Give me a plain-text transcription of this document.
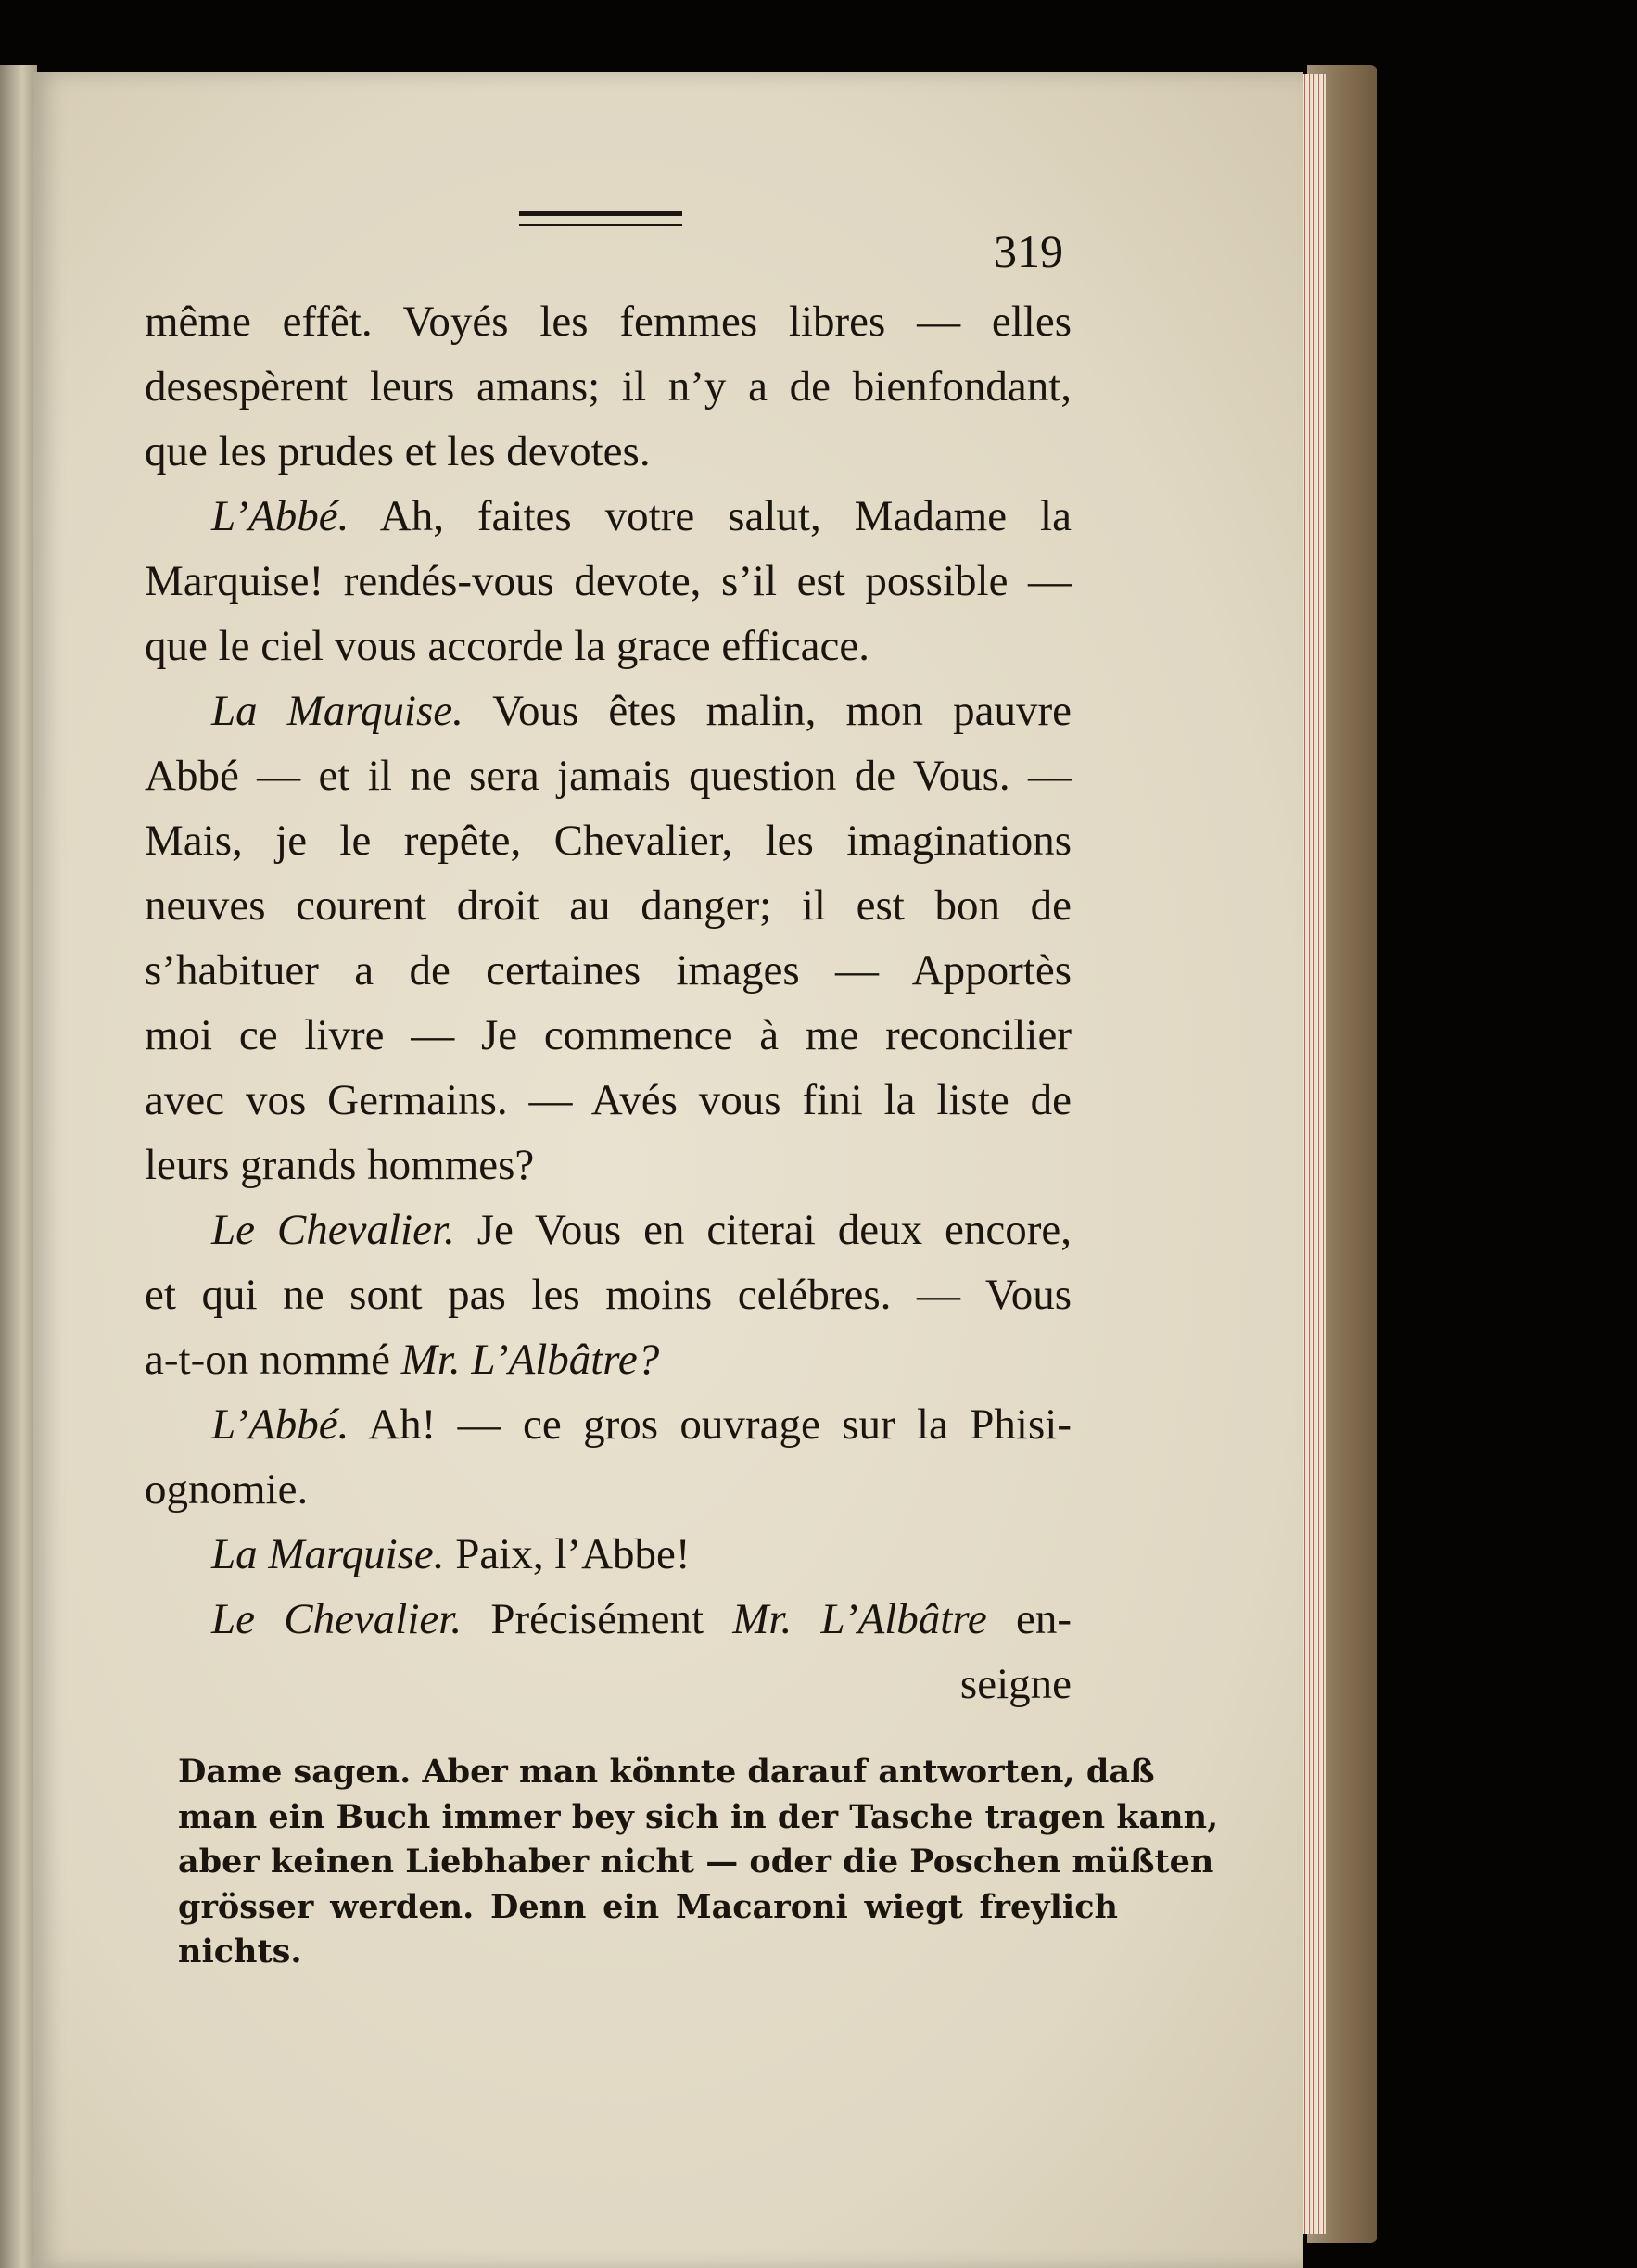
319
même effêt. Voyés les femmes libres — elles
desespèrent leurs amans; il n’y a de bienfondant,
que les prudes et les devotes.
L’Abbé. Ah, faites votre salut, Madame la
Marquise! rendés-vous devote, s’il est possible —
que le ciel vous accorde la grace efficace.
La Marquise. Vous êtes malin, mon pauvre
Abbé — et il ne sera jamais question de Vous. —
Mais, je le repête, Chevalier, les imaginations
neuves courent droit au danger; il est bon de
s’habituer a de certaines images — Apportès
moi ce livre — Je commence à me reconcilier
avec vos Germains. — Avés vous fini la liste de
leurs grands hommes?
Le Chevalier. Je Vous en citerai deux encore,
et qui ne sont pas les moins celébres. — Vous
a-t-on nommé Mr. L’Albâtre?
L’Abbé. Ah! — ce gros ouvrage sur la Phisi-
ognomie.
La Marquise. Paix, l’Abbe!
Le Chevalier. Précisément Mr. L’Albâtre en-
seigne
Dame sagen. Aber man könnte darauf antworten, daß
man ein Buch immer bey sich in der Tasche tragen kann,
aber keinen Liebhaber nicht — oder die Poschen müßten
grösser werden. Denn ein Macaroni wiegt freylich
nichts.
